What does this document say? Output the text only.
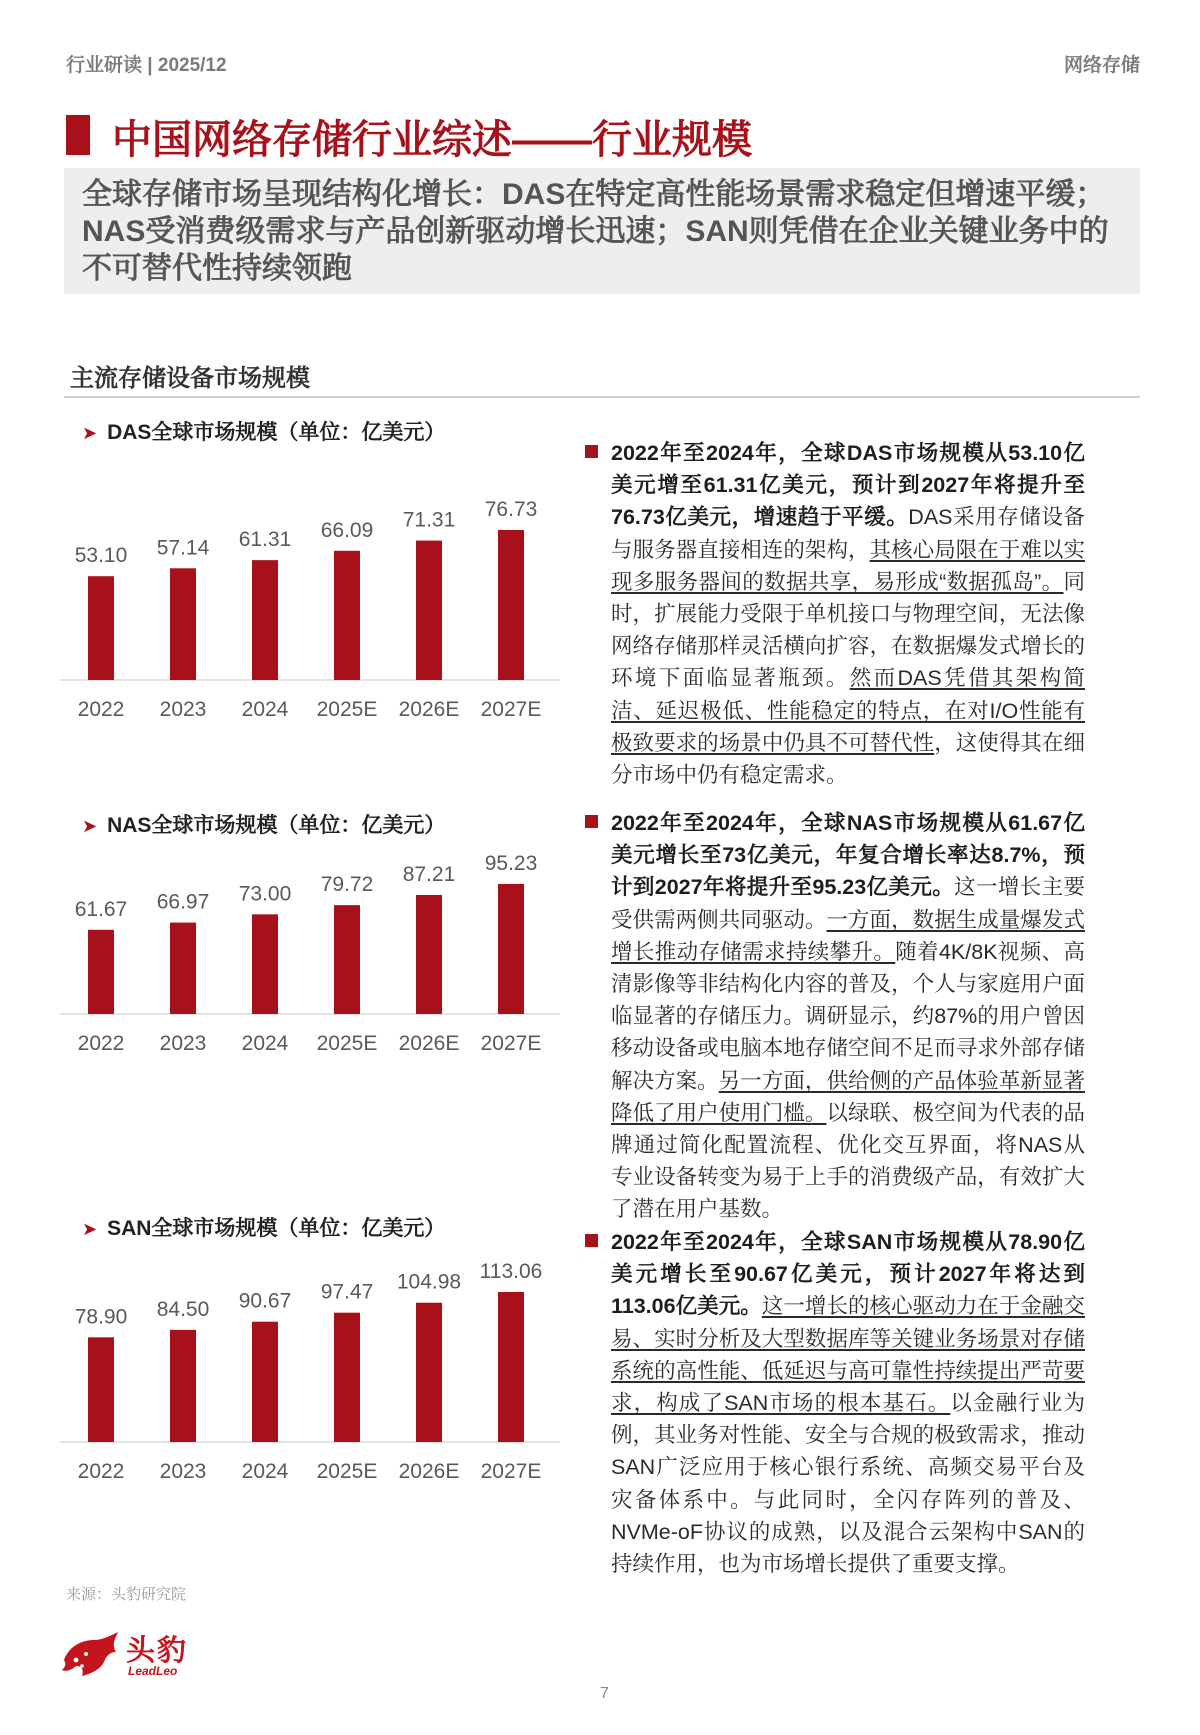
行业研读 | 2025/12	网络存储
中国网络存储行业综述——行业规模
全球存储市场呈现结构化增长：DAS在特定高性能场景需求稳定但增速平缓；NAS受消费级需求与产品创新驱动增长迅速；SAN则凭借在企业关键业务中的不可替代性持续领跑
主流存储设备市场规模
➤ DAS全球市场规模（单位：亿美元）
➤ NAS全球市场规模（单位：亿美元）
➤ SAN全球市场规模（单位：亿美元）
53.10
2022
57.14
2023
61.31
2024
66.09
2025E
71.31
2026E
76.73
2027E
61.67
2022
66.97
2023
73.00
2024
79.72
2025E
87.21
2026E
95.23
2027E
78.90
2022
84.50
2023
90.67
2024
97.47
2025E
104.98
2026E
113.06
2027E
2022年至2024年，全球DAS市场规模从53.10亿美元增至61.31亿美元，预计到2027年将提升至76.73亿美元，增速趋于平缓。DAS采用存储设备与服务器直接相连的架构，其核心局限在于难以实现多服务器间的数据共享，易形成“数据孤岛”。同时，扩展能力受限于单机接口与物理空间，无法像网络存储那样灵活横向扩容，在数据爆发式增长的环境下面临显著瓶颈。然而DAS凭借其架构简洁、延迟极低、性能稳定的特点，在对I/O性能有极致要求的场景中仍具不可替代性，这使得其在细分市场中仍有稳定需求。
2022年至2024年，全球NAS市场规模从61.67亿美元增长至73亿美元，年复合增长率达8.7%，预计到2027年将提升至95.23亿美元。这一增长主要受供需两侧共同驱动。一方面，数据生成量爆发式增长推动存储需求持续攀升。随着4K/8K视频、高清影像等非结构化内容的普及，个人与家庭用户面临显著的存储压力。调研显示，约87%的用户曾因移动设备或电脑本地存储空间不足而寻求外部存储解决方案。另一方面，供给侧的产品体验革新显著降低了用户使用门槛。以绿联、极空间为代表的品牌通过简化配置流程、优化交互界面，将NAS从专业设备转变为易于上手的消费级产品，有效扩大了潜在用户基数。
2022年至2024年，全球SAN市场规模从78.90亿美元增长至90.67亿美元，预计2027年将达到113.06亿美元。这一增长的核心驱动力在于金融交易、实时分析及大型数据库等关键业务场景对存储系统的高性能、低延迟与高可靠性持续提出严苛要求，构成了SAN市场的根本基石。以金融行业为例，其业务对性能、安全与合规的极致需求，推动SAN广泛应用于核心银行系统、高频交易平台及灾备体系中。与此同时，全闪存阵列的普及、NVMe-oF协议的成熟，以及混合云架构中SAN的持续作用，也为市场增长提供了重要支撑。
来源：头豹研究院
头豹
LeadLeo
7
